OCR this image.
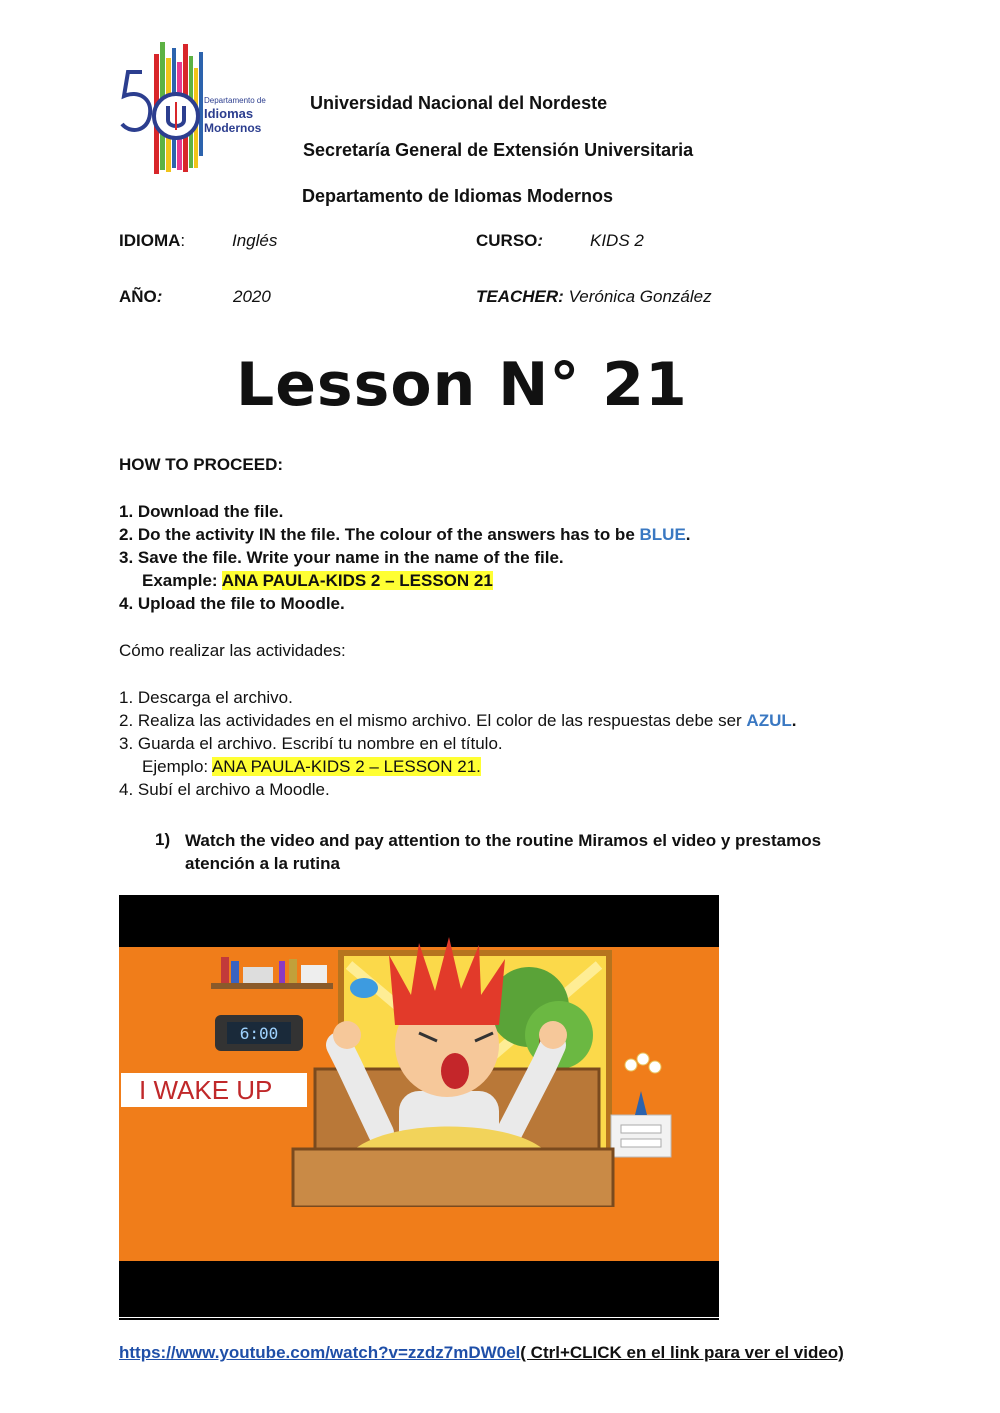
Departamento de
Idiomas
Modernos
Universidad Nacional del Nordeste
Secretaría General de Extensión Universitaria
Departamento de Idiomas Modernos
IDIOMA:	Inglés	CURSO:	KIDS 2
AÑO:	2020	TEACHER: Verónica González
Lesson N° 21
HOW TO PROCEED:
1. Download the file.
2. Do the activity IN the file. The colour of the answers has to be BLUE.
3. Save the file. Write your name in the name of the file.
Example: ANA PAULA-KIDS 2 – LESSON 21
4. Upload the file to Moodle.
Cómo realizar las actividades:
1. Descarga el archivo.
2. Realiza las actividades en el mismo archivo. El color de las respuestas debe ser AZUL.
3. Guarda el archivo. Escribí tu nombre en el título.
Ejemplo: ANA PAULA-KIDS 2 – LESSON 21.
4. Subí el archivo a Moodle.
1) Watch the video and pay attention to the routine Miramos el video y prestamos
atención a la rutina
6:00
I WAKE UP
https://www.youtube.com/watch?v=zzdz7mDW0el( Ctrl+CLICK en el link para ver el video)
